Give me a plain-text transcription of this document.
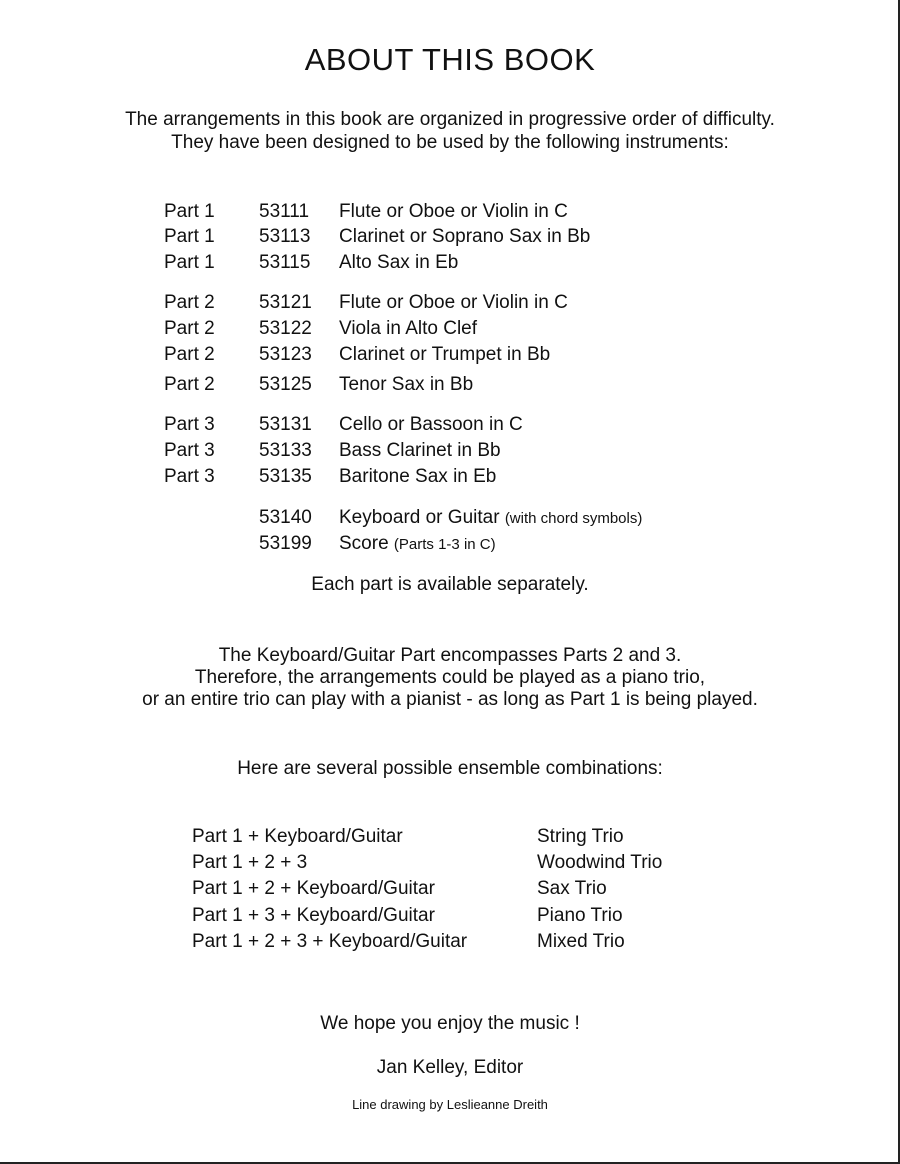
ABOUT THIS BOOK
The arrangements in this book are organized in progressive order of difficulty.
They have been designed to be used by the following instruments:
Part 1 53111 Flute or Oboe or Violin in C
Part 1 53113 Clarinet or Soprano Sax in Bb
Part 1 53115 Alto Sax in Eb
Part 2 53121 Flute or Oboe or Violin in C
Part 2 53122 Viola in Alto Clef
Part 2 53123 Clarinet or Trumpet in Bb
Part 2 53125 Tenor Sax in Bb
Part 3 53131 Cello or Bassoon in C
Part 3 53133 Bass Clarinet in Bb
Part 3 53135 Baritone Sax in Eb
53140 Keyboard or Guitar (with chord symbols)
53199 Score (Parts 1-3 in C)
Each part is available separately.
The Keyboard/Guitar Part encompasses Parts 2 and 3.
Therefore, the arrangements could be played as a piano trio,
or an entire trio can play with a pianist - as long as Part 1 is being played.
Here are several possible ensemble combinations:
Part 1 + Keyboard/Guitar	String Trio
Part 1 + 2 + 3	Woodwind Trio
Part 1 + 2 + Keyboard/Guitar	Sax Trio
Part 1 + 3 + Keyboard/Guitar	Piano Trio
Part 1 + 2 + 3 + Keyboard/Guitar	Mixed Trio
We hope you enjoy the music !
Jan Kelley, Editor
Line drawing by Leslieanne Dreith
